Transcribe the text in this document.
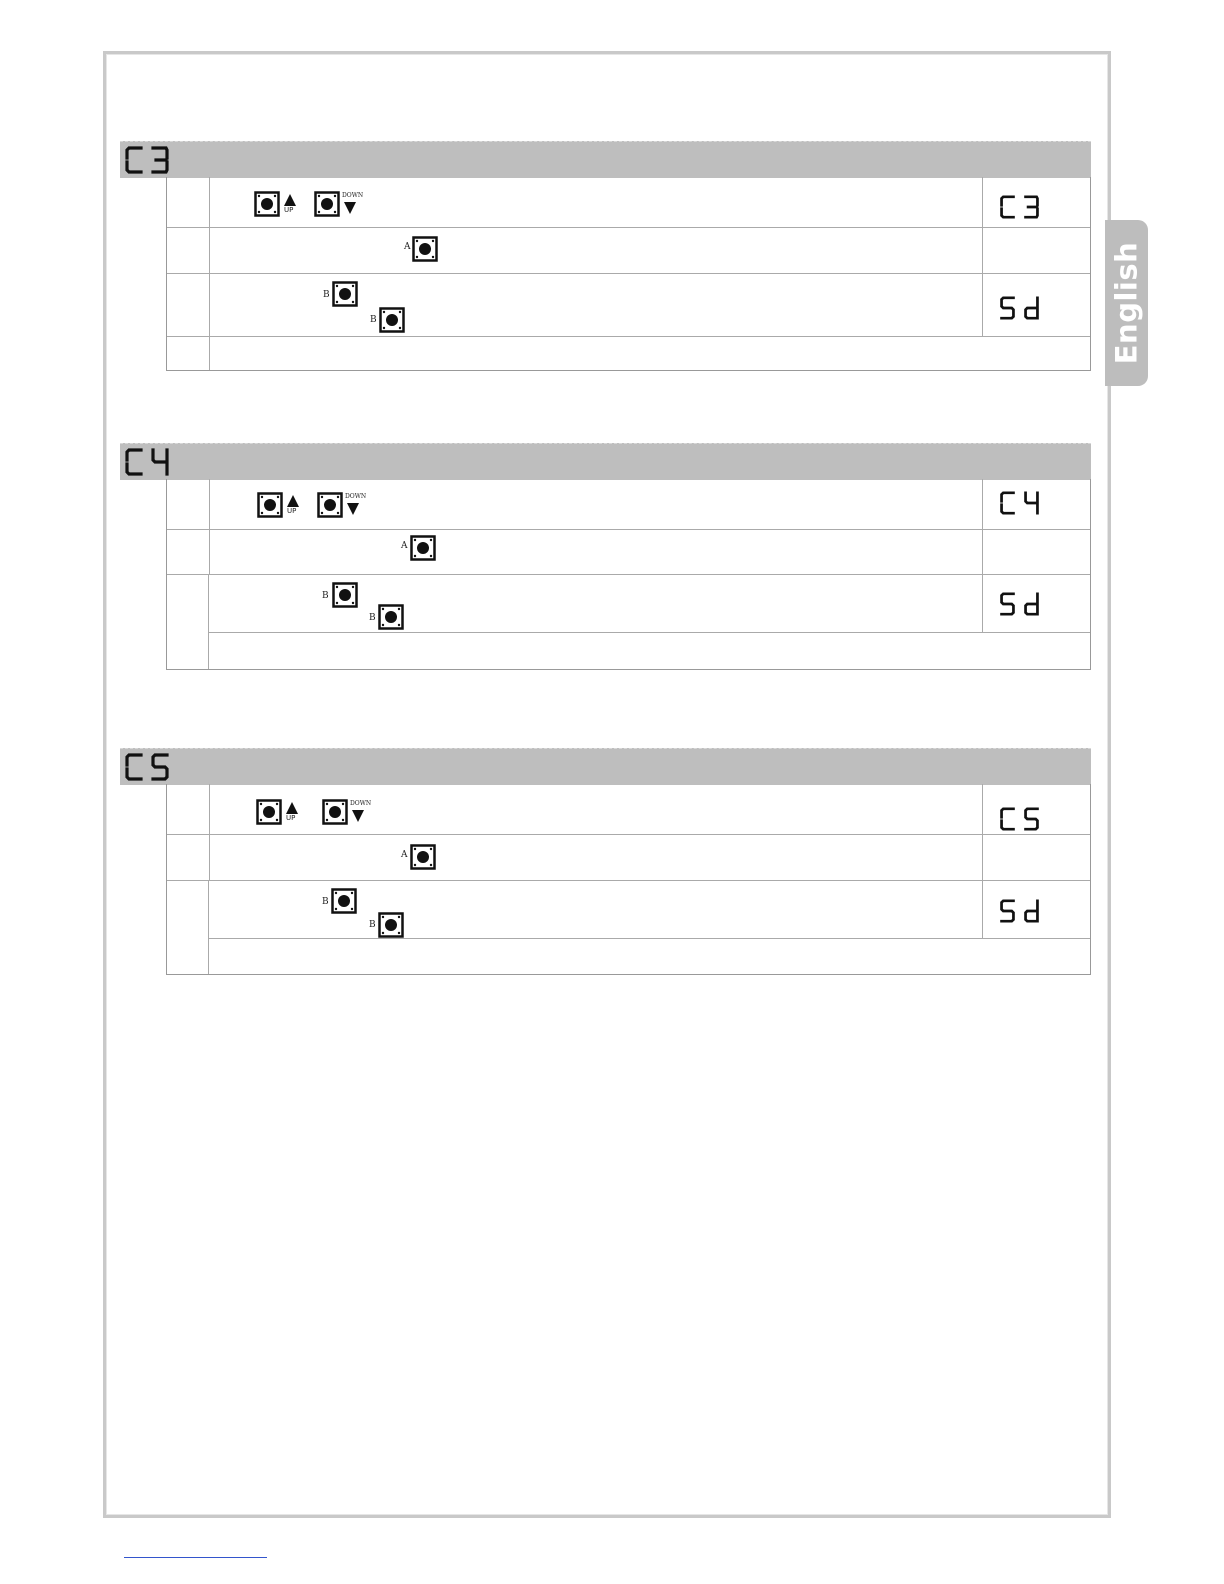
English
UP
DOWN
A
B
B
UP
DOWN
A
B
B
UP
DOWN
A
B
B
